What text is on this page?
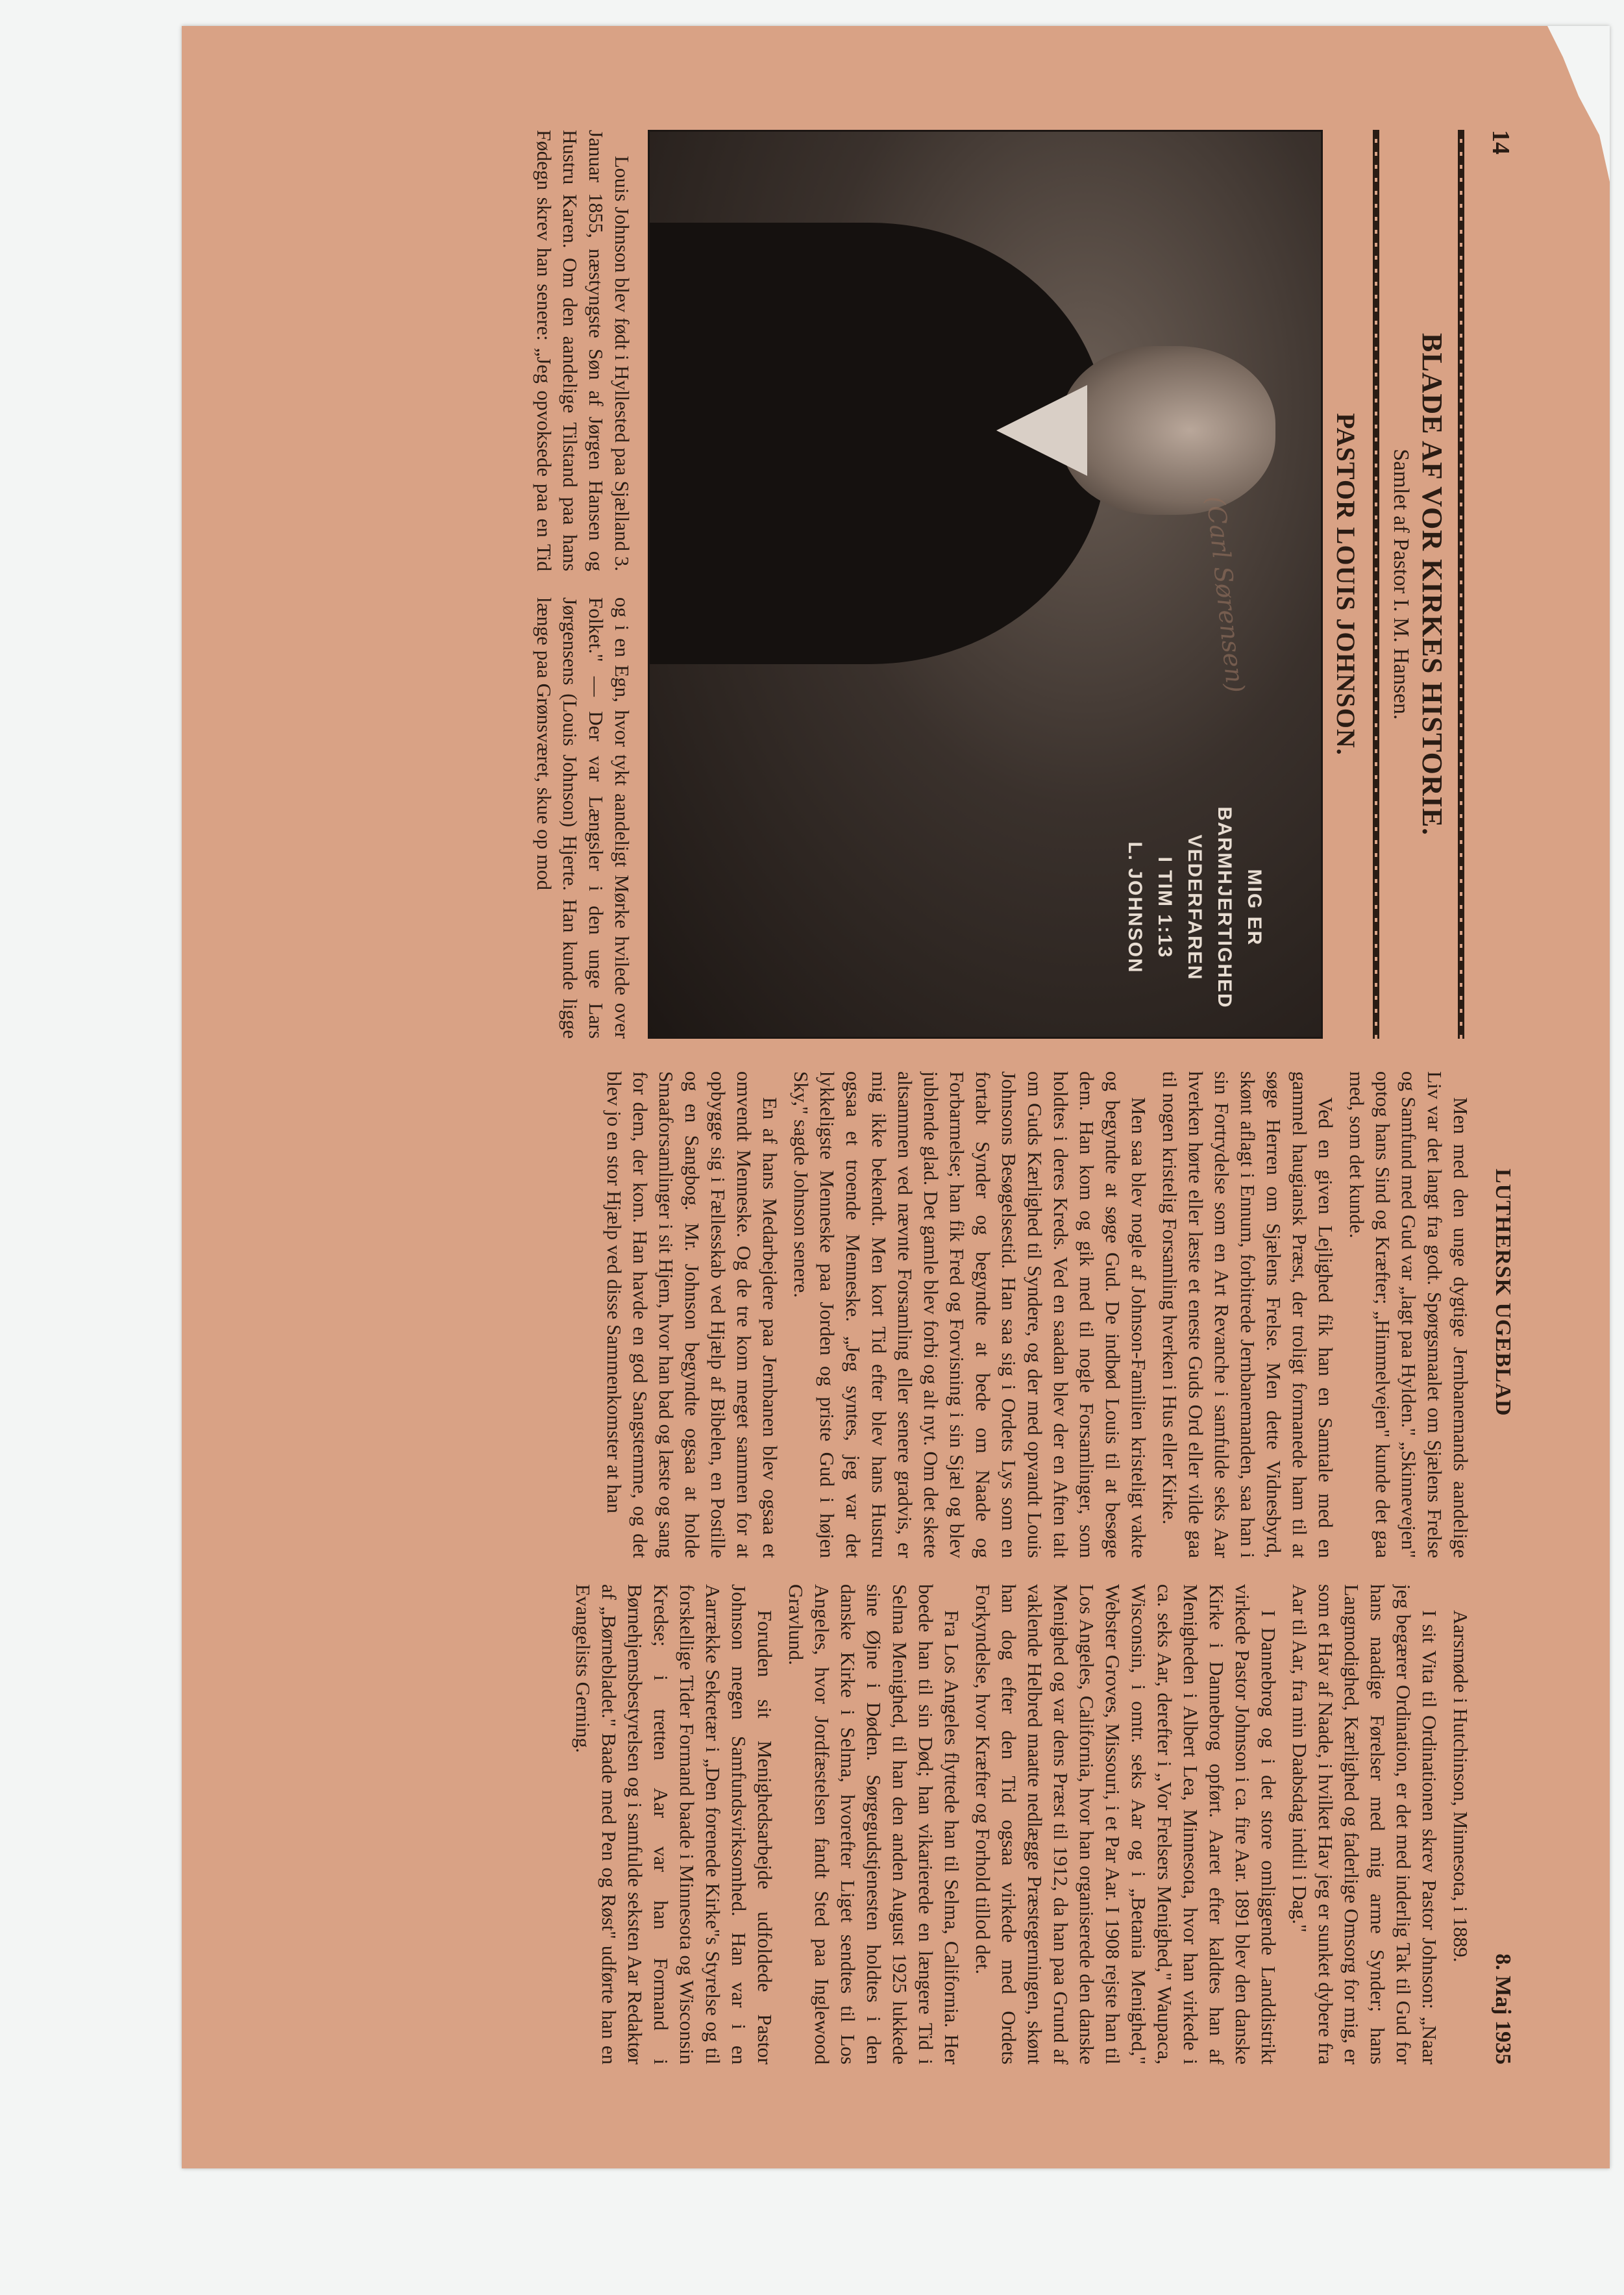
14
LUTHERSK UGEBLAD
8. Maj 1935
BLADE AF VOR KIRKES HISTORIE.
Samlet af Pastor I. M. Hansen.
PASTOR LOUIS JOHNSON.
(Carl Sørensen)
MIG ER BARMHJERTIGHED VEDERFAREN
I TIM 1:13
L. JOHNSON

Louis Johnson blev født i Hyllested paa Sjælland 3. Januar 1855, næstyngste Søn af Jørgen Hansen og Hustru Karen. Om den aandelige Tilstand paa hans Fødegn skrev han senere: „Jeg opvoksede paa en Tid og i en Egn, hvor tykt aandeligt Mørke hvilede over Folket." — Der var Længsler i den unge Lars Jørgensens (Louis Johnson) Hjerte. Han kunde ligge længe paa Grønsværet, skue op mod

Men med den unge dygtige Jernbanemands aandelige Liv var det langt fra godt. Spørgsmaalet om Sjælens Frelse og Samfund med Gud var „lagt paa Hylden." „Skinnevejen" optog hans Sind og Kræfter; „Himmelvejen" kunde det gaa med, som det kunde.

Ved en given Lejlighed fik han en Samtale med en gammel haugiansk Præst, der troligt formanede ham til at søge Herren om Sjælens Frelse. Men dette Vidnesbyrd, skønt aflagt i Ennum, forbitrede Jernbanemanden, saa han i sin Fortrydelse som en Art Revanche i samfulde seks Aar hverken hørte eller læste et eneste Guds Ord eller vilde gaa til nogen kristelig Forsamling hverken i Hus eller Kirke.

Men saa blev nogle af Johnson-Familien kristeligt vakte og begyndte at søge Gud. De indbød Louis til at besøge dem. Han kom og gik med til nogle Forsamlinger, som holdtes i deres Kreds. Ved en saadan blev der en Aften talt om Guds Kærlighed til Syndere, og der med opvandt Louis Johnsons Besøgelsestid. Han saa sig i Ordets Lys som en fortabt Synder og begyndte at bede om Naade og Forbarmelse; han fik Fred og Forvisning i sin Sjæl og blev jublende glad. Det gamle blev forbi og alt nyt. Om det skete altsammen ved nævnte Forsamling eller senere gradvis, er mig ikke bekendt. Men kort Tid efter blev hans Hustru ogsaa et troende Menneske. „Jeg syntes, jeg var det lykkeligste Menneske paa Jorden og priste Gud i højen Sky," sagde Johnson senere.

En af hans Medarbejdere paa Jernbanen blev ogsaa et omvendt Menneske. Og de tre kom meget sammen for at opbygge sig i Fællesskab ved Hjælp af Bibelen, en Postille og en Sangbog. Mr. Johnson begyndte ogsaa at holde Smaaforsamlinger i sit Hjem, hvor han bad og læste og sang for dem, der kom. Han havde en god Sangstemme, og det blev jo en stor Hjælp ved disse Sammenkomster at han

Aarsmøde i Hutchinson, Minnesota, i 1889.

I sit Vita til Ordinationen skrev Pastor Johnson: „Naar jeg begærer Ordination, er det med inderlig Tak til Gud for hans naadige Førelser med mig arme Synder; hans Langmodighed, Kærlighed og faderlige Omsorg for mig, er som et Hav af Naade, i hvilket Hav jeg er sunket dybere fra Aar til Aar, fra min Daabsdag indtil i Dag."

I Dannebrog og i det store omliggende Landdistrikt virkede Pastor Johnson i ca. fire Aar. 1891 blev den danske Kirke i Dannebrog opført. Aaret efter kaldtes han af Menigheden i Albert Lea, Minnesota, hvor han virkede i ca. seks Aar, derefter i „Vor Frelsers Menighed," Waupaca, Wisconsin, i omtr. seks Aar og i „Betania Menighed," Webster Groves, Missouri, i et Par Aar. I 1908 rejste han til Los Angeles, California, hvor han organiserede den danske Menighed og var dens Præst til 1912, da han paa Grund af vaklende Helbred maatte nedlægge Præstegerningen, skønt han dog efter den Tid ogsaa virkede med Ordets Forkyndelse, hvor Kræfter og Forhold tillod det.

Fra Los Angeles flyttede han til Selma, California. Her boede han til sin Død; han vikarierede en længere Tid i Selma Menighed, til han den anden August 1925 lukkede sine Øjne i Døden. Sørgegudstjenesten holdtes i den danske Kirke i Selma, hvorefter Liget sendtes til Los Angeles, hvor Jordfæstelsen fandt Sted paa Inglewood Gravlund.

Foruden sit Menighedsarbejde udfoldede Pastor Johnson megen Samfundsvirksomhed. Han var i en Aarrække Sekretær i „Den forenede Kirke"s Styrelse og til forskellige Tider Formand baade i Minnesota og Wisconsin Kredse; i tretten Aar var han Formand i Børnehjemsbestyrelsen og i samfulde seksten Aar Redaktør af „Børnebladet." Baade med Pen og Røst" udførte han en Evangelists Gerning.
